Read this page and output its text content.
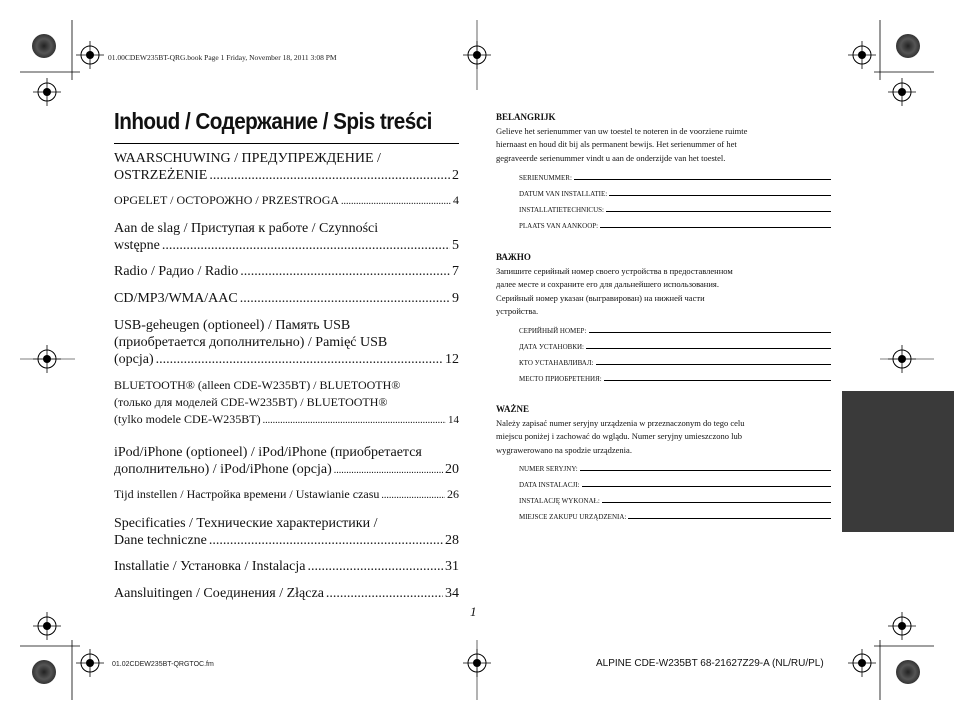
01.00CDEW235BT-QRG.book Page 1 Friday, November 18, 2011 3:08 PM
Inhoud / Содержание / Spis treści
WAARSCHUWING / ПРЕДУПРЕЖДЕНИЕ /
OSTRZEŻENIE .....	2
OPGELET / ОСТОРОЖНО / PRZESTROGA .....	4
Aan de slag / Приступая к работе / Czynności
wstępne .....	5
Radio / Радио / Radio .....	7
CD/MP3/WMA/AAC .....	9
USB-geheugen (optioneel) / Память USB
(приобретается дополнительно) / Pamięć USB
(opcja) .....	12
BLUETOOTH® (alleen CDE-W235BT) / BLUETOOTH®
(только для моделей CDE-W235BT) / BLUETOOTH®
(tylko modele CDE-W235BT) .....	14
iPod/iPhone (optioneel) / iPod/iPhone (приобретается
дополнительно) / iPod/iPhone (opcja) .....	20
Tijd instellen / Настройка времени / Ustawianie czasu .....	26
Specificaties / Технические характеристики /
Dane techniczne .....	28
Installatie / Установка / Instalacja .....	31
Aansluitingen / Соединения / Złącza .....	34
1
BELANGRIJK
Gelieve het serienummer van uw toestel te noteren in de voorziene ruimte
hiernaast en houd dit bij als permanent bewijs. Het serienummer of het
gegraveerde serienummer vindt u aan de onderzijde van het toestel.
SERIENUMMER:
DATUM VAN INSTALLATIE:
INSTALLATIETECHNICUS:
PLAATS VAN AANKOOP:
ВАЖНО
Запишите серийный номер своего устройства в предоставленном
далее месте и сохраните его для дальнейшего использования.
Серийный номер указан (выгравирован) на нижней части
устройства.
СЕРИЙНЫЙ НОМЕР:
ДАТА УСТАНОВКИ:
КТО УСТАНАВЛИВАЛ:
МЕСТО ПРИОБРЕТЕНИЯ:
WAŻNE
Należy zapisać numer seryjny urządzenia w przeznaczonym do tego celu
miejscu poniżej i zachować do wglądu. Numer seryjny umieszczono lub
wygrawerowano na spodzie urządzenia.
NUMER SERYJNY:
DATA INSTALACJI:
INSTALACJĘ WYKONAŁ:
MIEJSCE ZAKUPU URZĄDZENIA:
01.02CDEW235BT-QRGTOC.fm	ALPINE CDE-W235BT 68-21627Z29-A (NL/RU/PL)
